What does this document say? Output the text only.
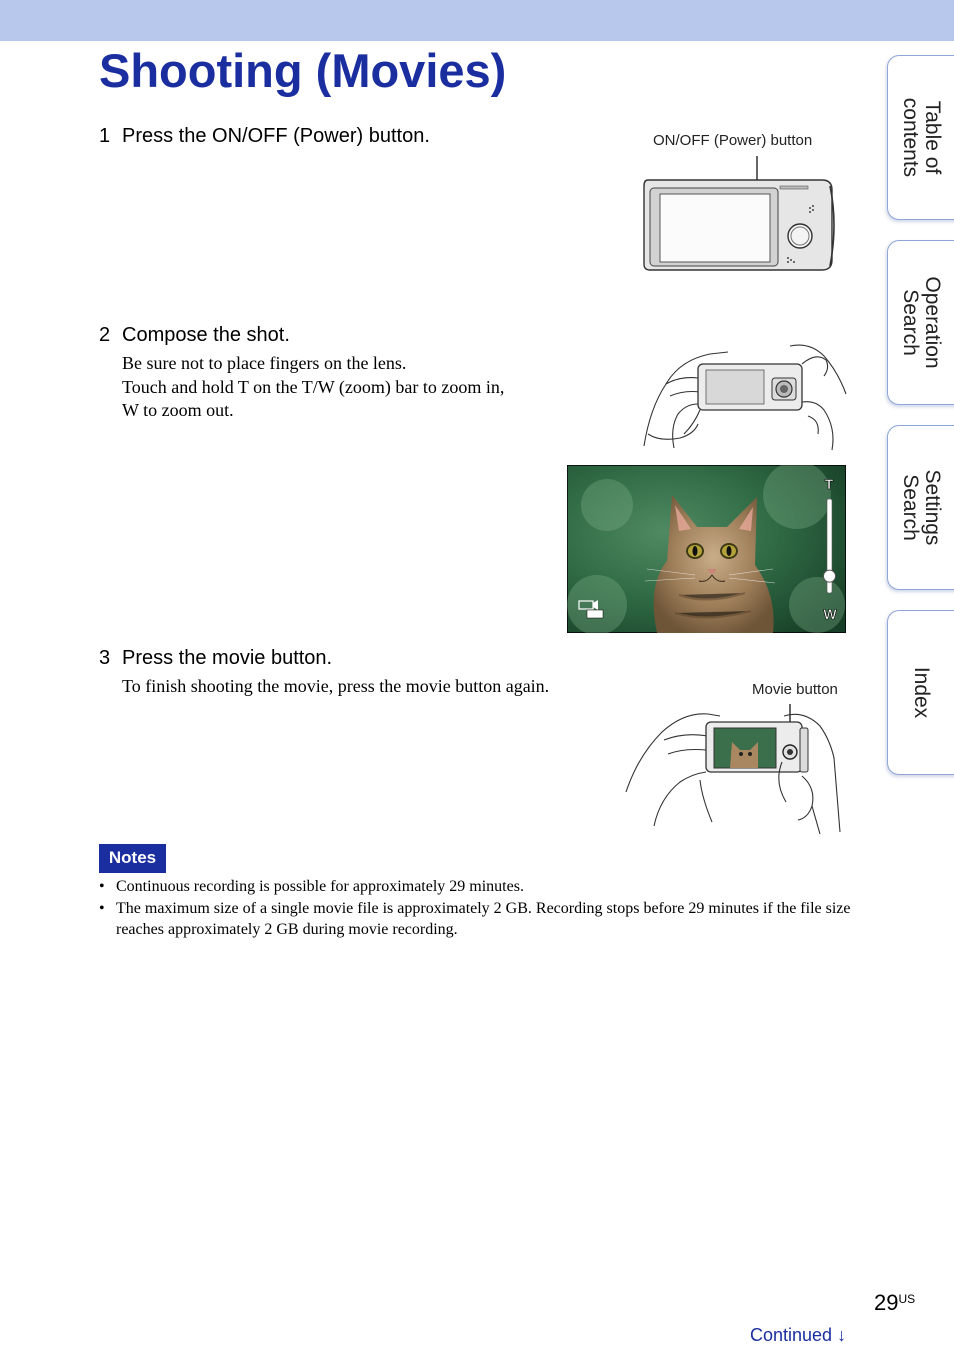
Shooting (Movies)
Table of
contents
Operation
Search
Settings
Search
Index
1 Press the ON/OFF (Power) button.	ON/OFF (Power) button
2 Compose the shot.
Be sure not to place fingers on the lens.
Touch and hold T on the T/W (zoom) bar to zoom in,
W to zoom out.
T
W
3 Press the movie button.
To finish shooting the movie, press the movie button again.	Movie button
Notes
• Continuous recording is possible for approximately 29 minutes.
• The maximum size of a single movie file is approximately 2 GB. Recording stops before 29 minutes if the file size reaches approximately 2 GB during movie recording.
$29^{US}$
Continued ↓
